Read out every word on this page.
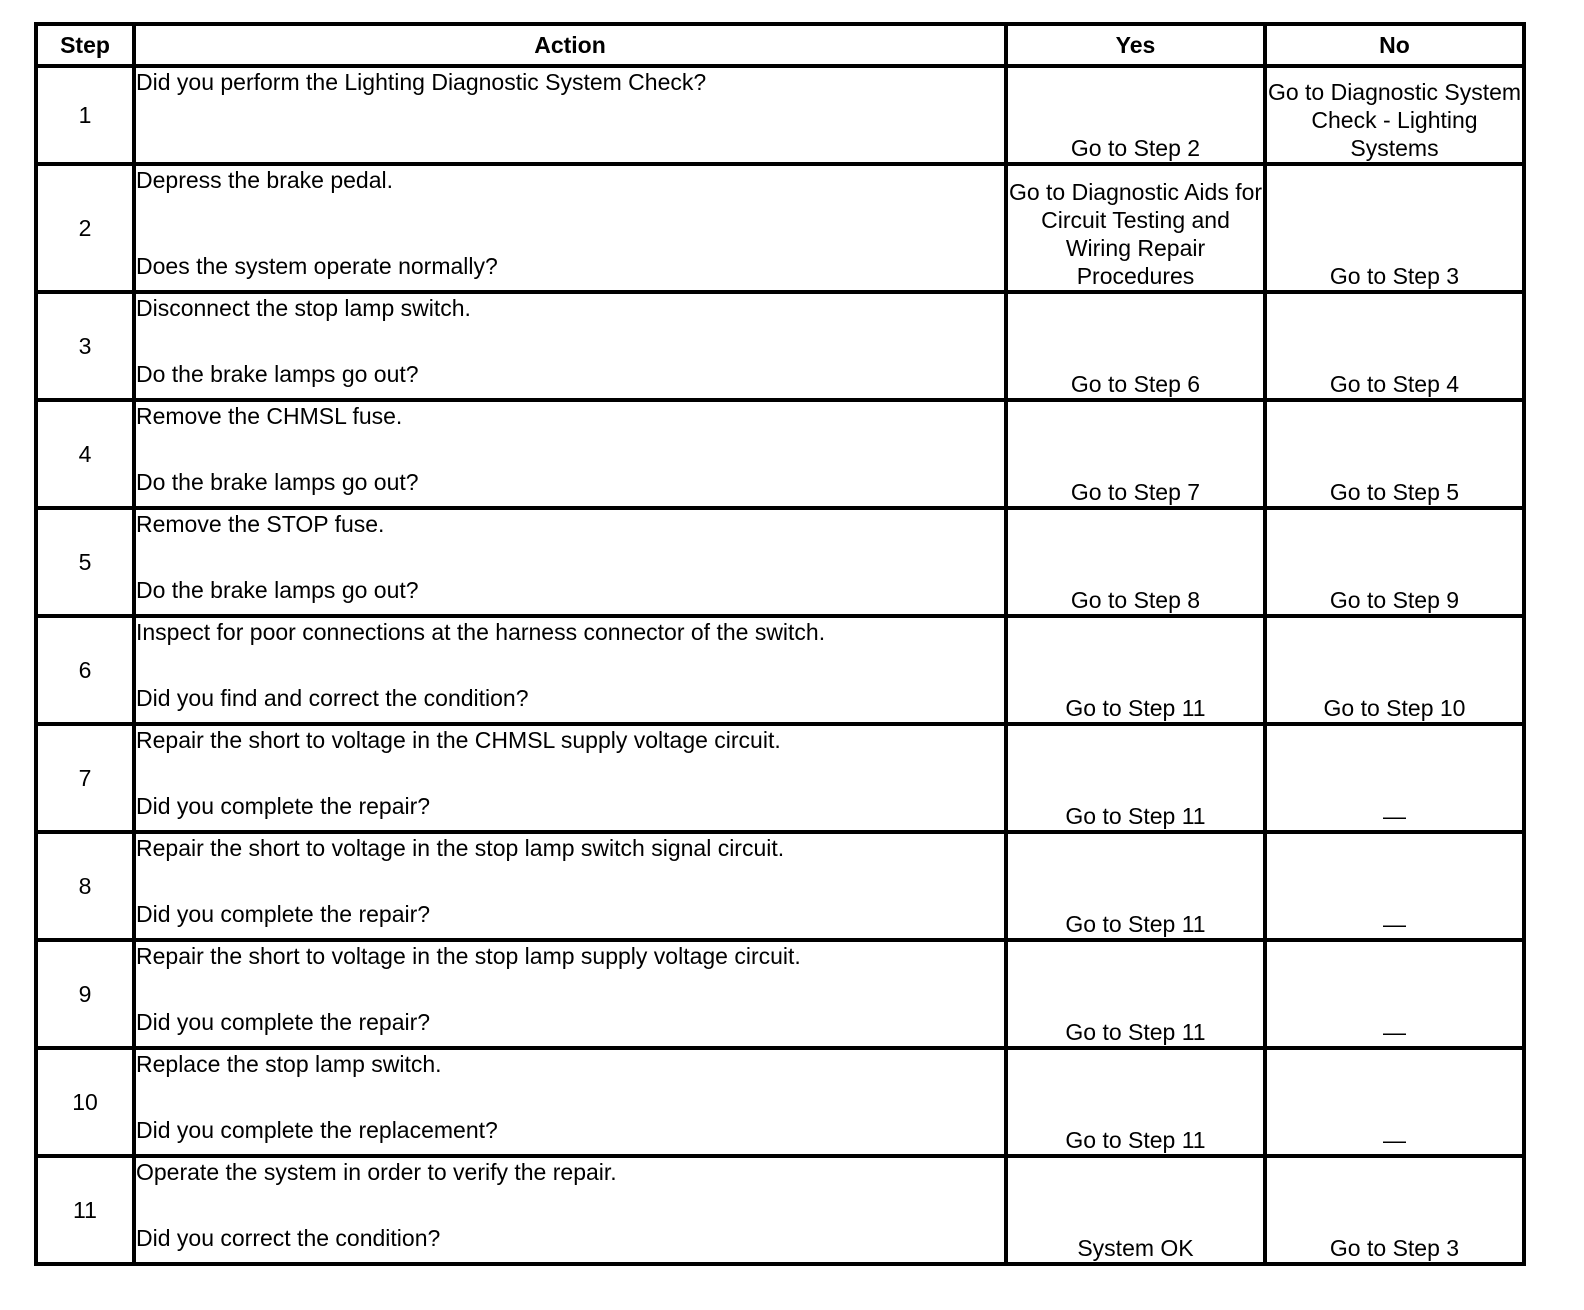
Step	Action	Yes	No
1	Did you perform the Lighting Diagnostic System Check?	Go to Step 2	Go to Diagnostic System Check - Lighting Systems
2	Depress the brake pedal.
Does the system operate normally?	Go to Diagnostic Aids for Circuit Testing and Wiring Repair Procedures	Go to Step 3
3	Disconnect the stop lamp switch.
Do the brake lamps go out?	Go to Step 6	Go to Step 4
4	Remove the CHMSL fuse.
Do the brake lamps go out?	Go to Step 7	Go to Step 5
5	Remove the STOP fuse.
Do the brake lamps go out?	Go to Step 8	Go to Step 9
6	Inspect for poor connections at the harness connector of the switch.
Did you find and correct the condition?	Go to Step 11	Go to Step 10
7	Repair the short to voltage in the CHMSL supply voltage circuit.
Did you complete the repair?	Go to Step 11	—
8	Repair the short to voltage in the stop lamp switch signal circuit.
Did you complete the repair?	Go to Step 11	—
9	Repair the short to voltage in the stop lamp supply voltage circuit.
Did you complete the repair?	Go to Step 11	—
10	Replace the stop lamp switch.
Did you complete the replacement?	Go to Step 11	—
11	Operate the system in order to verify the repair.
Did you correct the condition?	System OK	Go to Step 3
